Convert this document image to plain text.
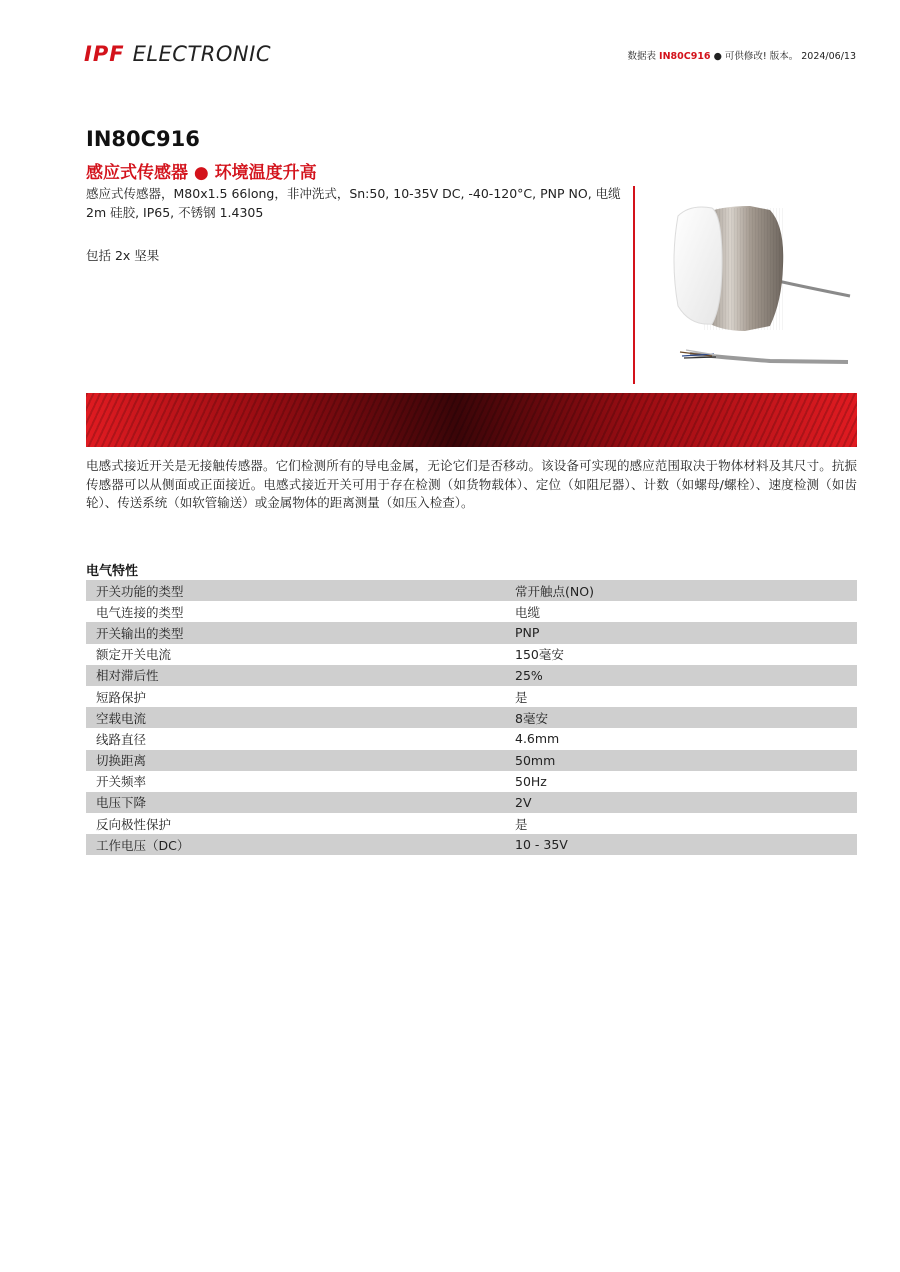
IPF ELECTRONIC	数据表 IN80C916 ● 可供修改! 版本。 2024/06/13
IN80C916
感应式传感器 ● 环境温度升高
感应式传感器，M80x1.5 66long，非冲洗式，Sn:50, 10-35V DC, -40-120°C, PNP NO, 电缆 2m 硅胶, IP65, 不锈钢 1.4305
包括 2x 坚果
电感式接近开关是无接触传感器。它们检测所有的导电金属，无论它们是否移动。该设备可实现的感应范围取决于物体材料及其尺寸。抗振传感器可以从侧面或正面接近。电感式接近开关可用于存在检测（如货物载体）、定位（如阻尼器）、计数（如螺母/螺栓）、速度检测（如齿轮）、传送系统（如软管输送）或金属物体的距离测量（如压入检查）。
电气特性
开关功能的类型	常开触点(NO)
电气连接的类型	电缆
开关输出的类型	PNP
额定开关电流	150毫安
相对滞后性	25%
短路保护	是
空载电流	8毫安
线路直径	4.6mm
切换距离	50mm
开关频率	50Hz
电压下降	2V
反向极性保护	是
工作电压（DC）	10 - 35V
